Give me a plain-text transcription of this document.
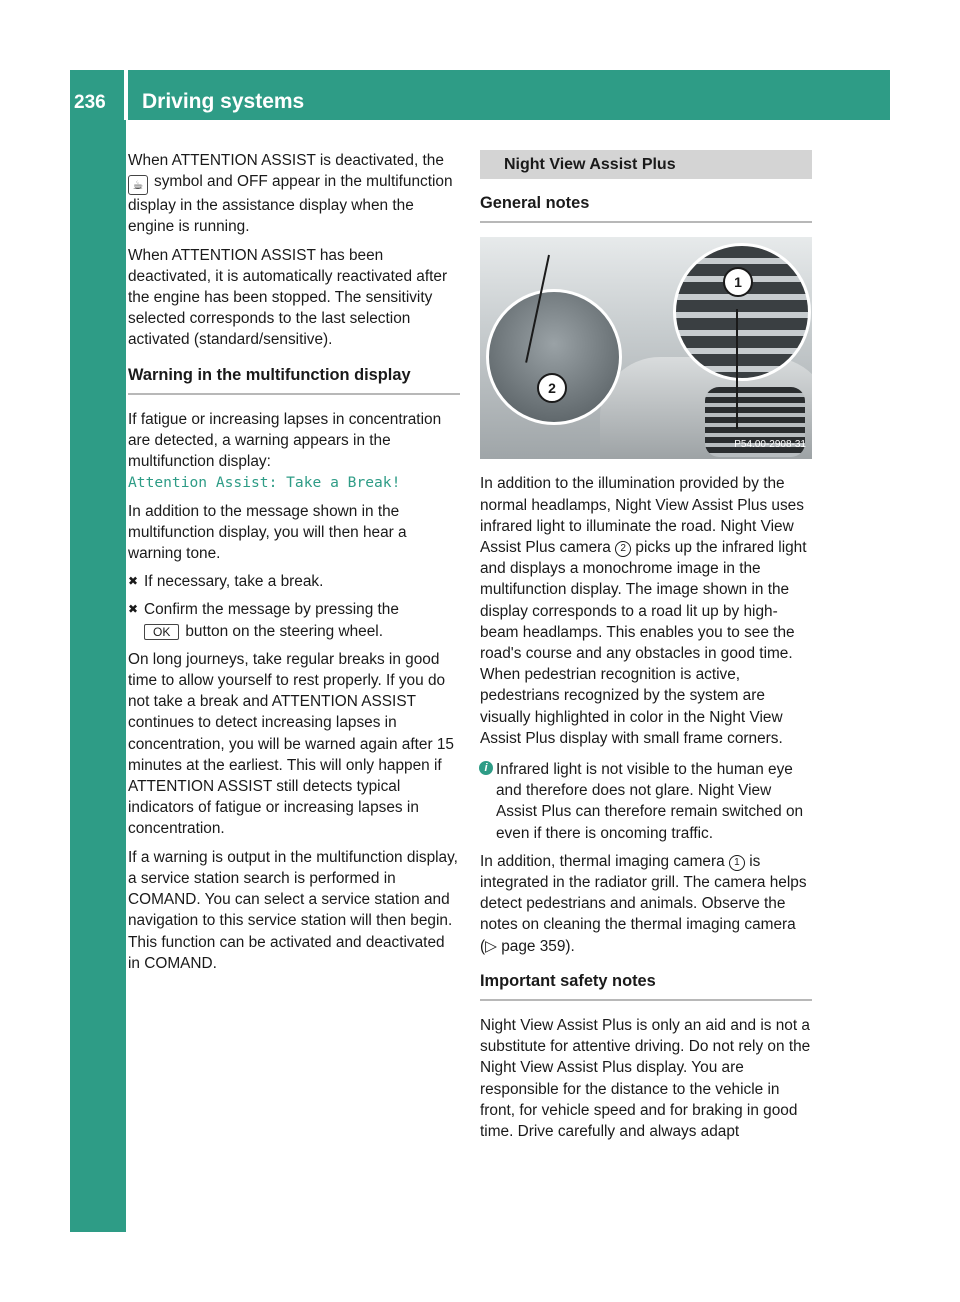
236 Driving systems
Driving and parking

When ATTENTION ASSIST is deactivated, the ☕ symbol and OFF appear in the multifunction display in the assistance display when the engine is running.

When ATTENTION ASSIST has been deactivated, it is automatically reactivated after the engine has been stopped. The sensitivity selected corresponds to the last selection activated (standard/sensitive).

Warning in the multifunction display

If fatigue or increasing lapses in concentration are detected, a warning appears in the multifunction display:
Attention Assist: Take a Break!

In addition to the message shown in the multifunction display, you will then hear a warning tone.

✖ If necessary, take a break.
✖ Confirm the message by pressing the
OK button on the steering wheel.

On long journeys, take regular breaks in good time to allow yourself to rest properly. If you do not take a break and ATTENTION ASSIST continues to detect increasing lapses in concentration, you will be warned again after 15 minutes at the earliest. This will only happen if ATTENTION ASSIST still detects typical indicators of fatigue or increasing lapses in concentration.

If a warning is output in the multifunction display, a service station search is performed in COMAND. You can select a service station and navigation to this service station will then begin. This function can be activated and deactivated in COMAND.

Night View Assist Plus
General notes
1
2
P54.00-2908-31

In addition to the illumination provided by the normal headlamps, Night View Assist Plus uses infrared light to illuminate the road. Night View Assist Plus camera 2 picks up the infrared light and displays a monochrome image in the multifunction display. The image shown in the display corresponds to a road lit up by high-beam headlamps. This enables you to see the road's course and any obstacles in good time. When pedestrian recognition is active, pedestrians recognized by the system are visually highlighted in color in the Night View Assist Plus display with small frame corners.

i Infrared light is not visible to the human eye and therefore does not glare. Night View Assist Plus can therefore remain switched on even if there is oncoming traffic.

In addition, thermal imaging camera 1 is integrated in the radiator grill. The camera helps detect pedestrians and animals. Observe the notes on cleaning the thermal imaging camera (▷ page 359).

Important safety notes

Night View Assist Plus is only an aid and is not a substitute for attentive driving. Do not rely on the Night View Assist Plus display. You are responsible for the distance to the vehicle in front, for vehicle speed and for braking in good time. Drive carefully and always adapt
